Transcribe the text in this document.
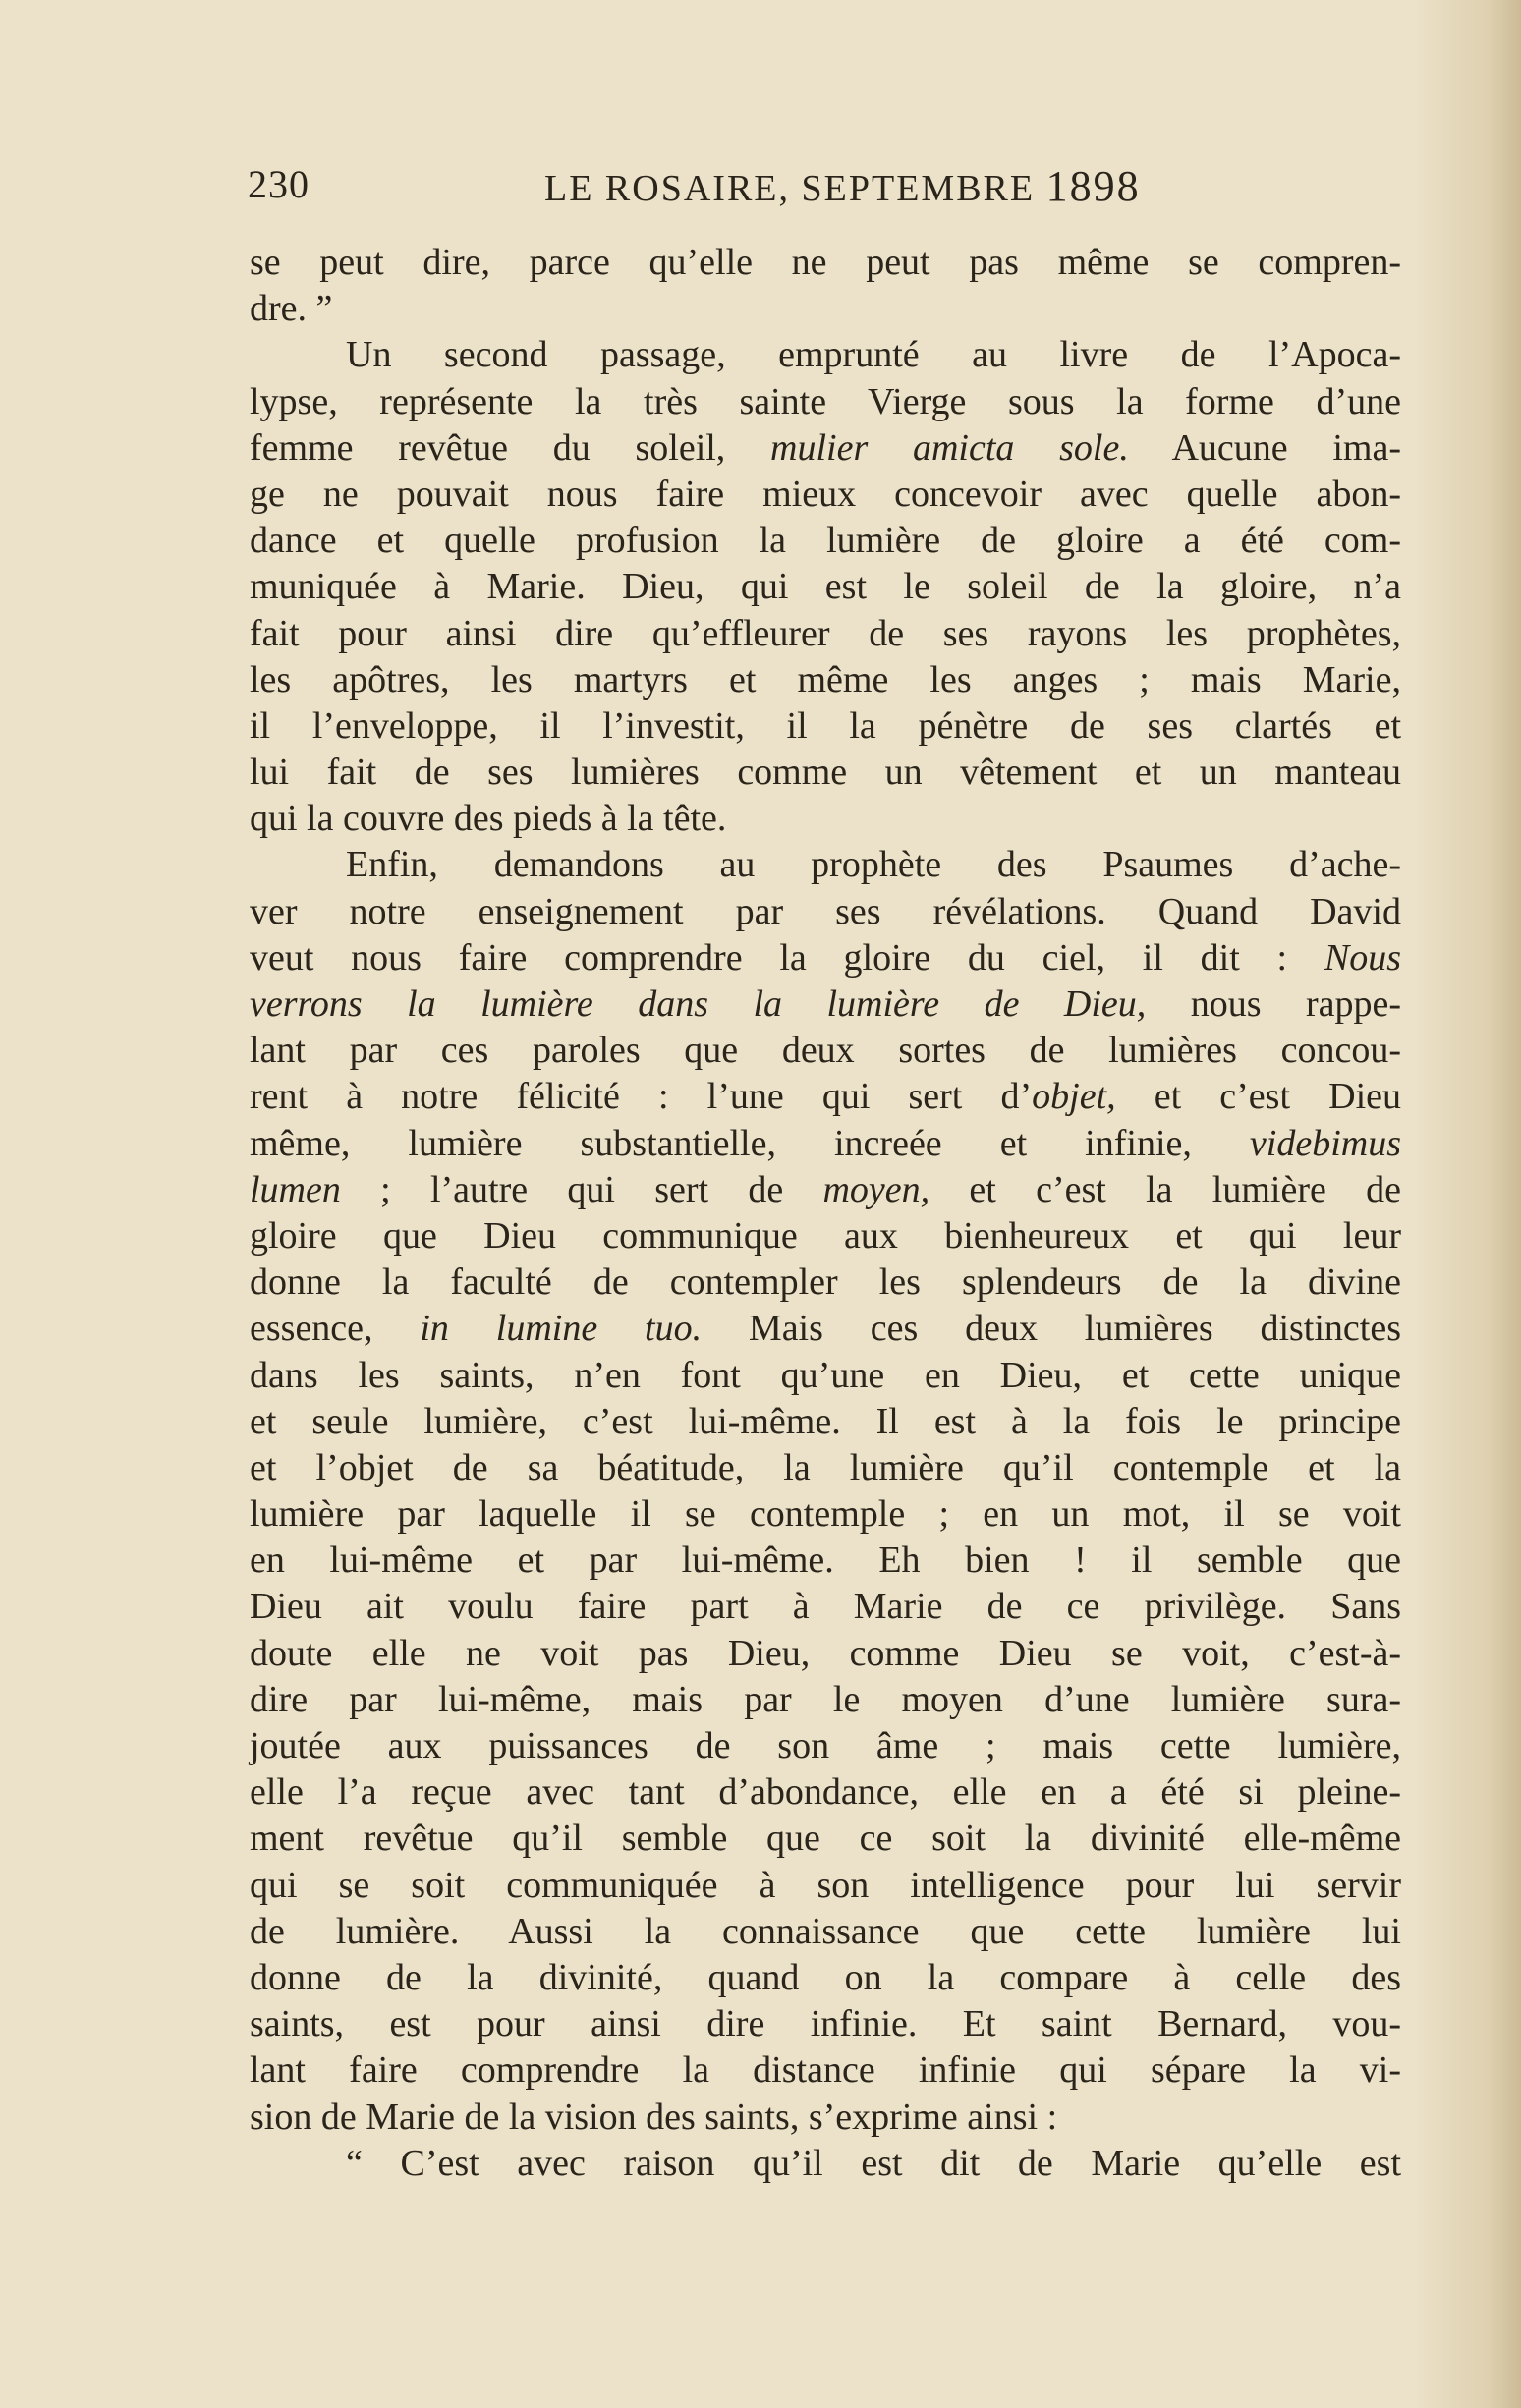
230	LE ROSAIRE, SEPTEMBRE 1898
se peut dire, parce qu’elle ne peut pas même se compren-
dre. ”
Un second passage, emprunté au livre de l’Apoca-
lypse, représente la très sainte Vierge sous la forme d’une
femme revêtue du soleil, mulier amicta sole. Aucune ima-
ge ne pouvait nous faire mieux concevoir avec quelle abon-
dance et quelle profusion la lumière de gloire a été com-
muniquée à Marie. Dieu, qui est le soleil de la gloire, n’a
fait pour ainsi dire qu’effleurer de ses rayons les prophètes,
les apôtres, les martyrs et même les anges ; mais Marie,
il l’enveloppe, il l’investit, il la pénètre de ses clartés et
lui fait de ses lumières comme un vêtement et un manteau
qui la couvre des pieds à la tête.
Enfin, demandons au prophète des Psaumes d’ache-
ver notre enseignement par ses révélations. Quand David
veut nous faire comprendre la gloire du ciel, il dit : Nous
verrons la lumière dans la lumière de Dieu, nous rappe-
lant par ces paroles que deux sortes de lumières concou-
rent à notre félicité : l’une qui sert d’objet, et c’est Dieu
même, lumière substantielle, increée et infinie, videbimus
lumen ; l’autre qui sert de moyen, et c’est la lumière de
gloire que Dieu communique aux bienheureux et qui leur
donne la faculté de contempler les splendeurs de la divine
essence, in lumine tuo. Mais ces deux lumières distinctes
dans les saints, n’en font qu’une en Dieu, et cette unique
et seule lumière, c’est lui-même. Il est à la fois le principe
et l’objet de sa béatitude, la lumière qu’il contemple et la
lumière par laquelle il se contemple ; en un mot, il se voit
en lui-même et par lui-même. Eh bien ! il semble que
Dieu ait voulu faire part à Marie de ce privilège. Sans
doute elle ne voit pas Dieu, comme Dieu se voit, c’est-à-
dire par lui-même, mais par le moyen d’une lumière sura-
joutée aux puissances de son âme ; mais cette lumière,
elle l’a reçue avec tant d’abondance, elle en a été si pleine-
ment revêtue qu’il semble que ce soit la divinité elle-même
qui se soit communiquée à son intelligence pour lui servir
de lumière. Aussi la connaissance que cette lumière lui
donne de la divinité, quand on la compare à celle des
saints, est pour ainsi dire infinie. Et saint Bernard, vou-
lant faire comprendre la distance infinie qui sépare la vi-
sion de Marie de la vision des saints, s’exprime ainsi :
“ C’est avec raison qu’il est dit de Marie qu’elle est
